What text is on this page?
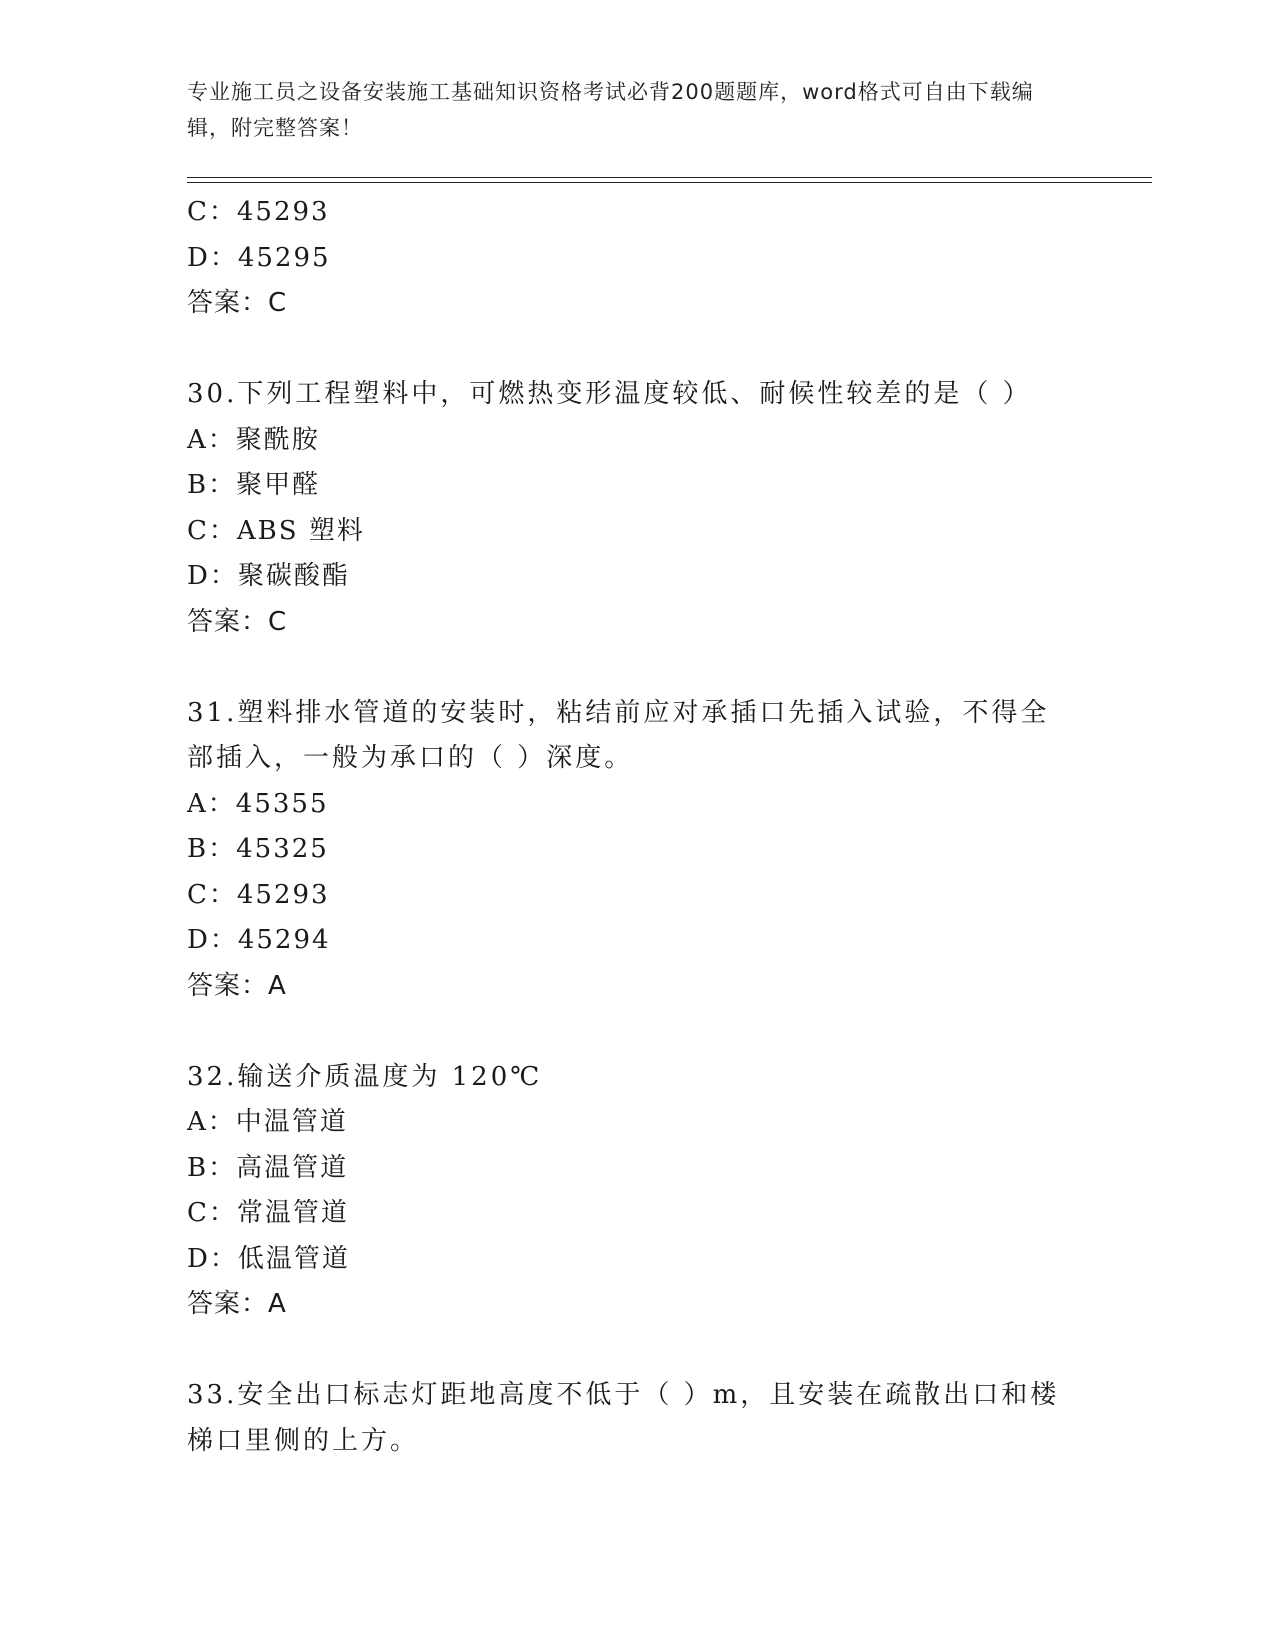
专业施工员之设备安装施工基础知识资格考试必背200题题库，word格式可自由下载编辑，附完整答案！
C：45293
D：45295
答案：C
30.下列工程塑料中，可燃热变形温度较低、耐候性较差的是（ ）
A：聚酰胺
B：聚甲醛
C：ABS 塑料
D：聚碳酸酯
答案：C
31.塑料排水管道的安装时，粘结前应对承插口先插入试验，不得全部插入，一般为承口的（ ）深度。
A：45355
B：45325
C：45293
D：45294
答案：A
32.输送介质温度为 120℃
A：中温管道
B：高温管道
C：常温管道
D：低温管道
答案：A
33.安全出口标志灯距地高度不低于（ ）m，且安装在疏散出口和楼梯口里侧的上方。
